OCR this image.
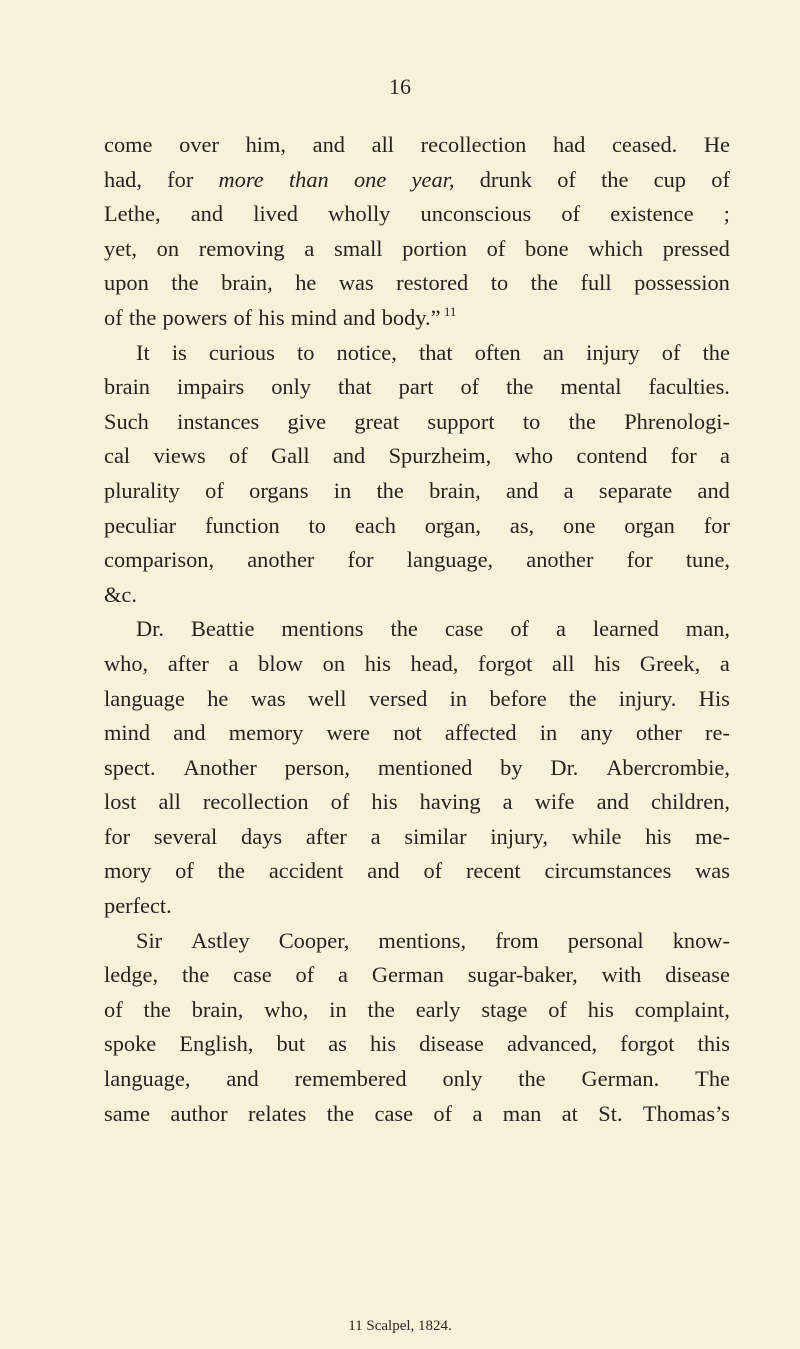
16
come over him, and all recollection had ceased. He
had, for more than one year, drunk of the cup of
Lethe, and lived wholly unconscious of existence ;
yet, on removing a small portion of bone which pressed
upon the brain, he was restored to the full possession
of the powers of his mind and body.” $^{11}$
It is curious to notice, that often an injury of the
brain impairs only that part of the mental faculties.
Such instances give great support to the Phrenologi-
cal views of Gall and Spurzheim, who contend for a
plurality of organs in the brain, and a separate and
peculiar function to each organ, as, one organ for
comparison, another for language, another for tune,
&c.
Dr. Beattie mentions the case of a learned man,
who, after a blow on his head, forgot all his Greek, a
language he was well versed in before the injury. His
mind and memory were not affected in any other re-
spect. Another person, mentioned by Dr. Abercrombie,
lost all recollection of his having a wife and children,
for several days after a similar injury, while his me-
mory of the accident and of recent circumstances was
perfect.
Sir Astley Cooper, mentions, from personal know-
ledge, the case of a German sugar-baker, with disease
of the brain, who, in the early stage of his complaint,
spoke English, but as his disease advanced, forgot this
language, and remembered only the German. The
same author relates the case of a man at St. Thomas’s
11 Scalpel, 1824.
